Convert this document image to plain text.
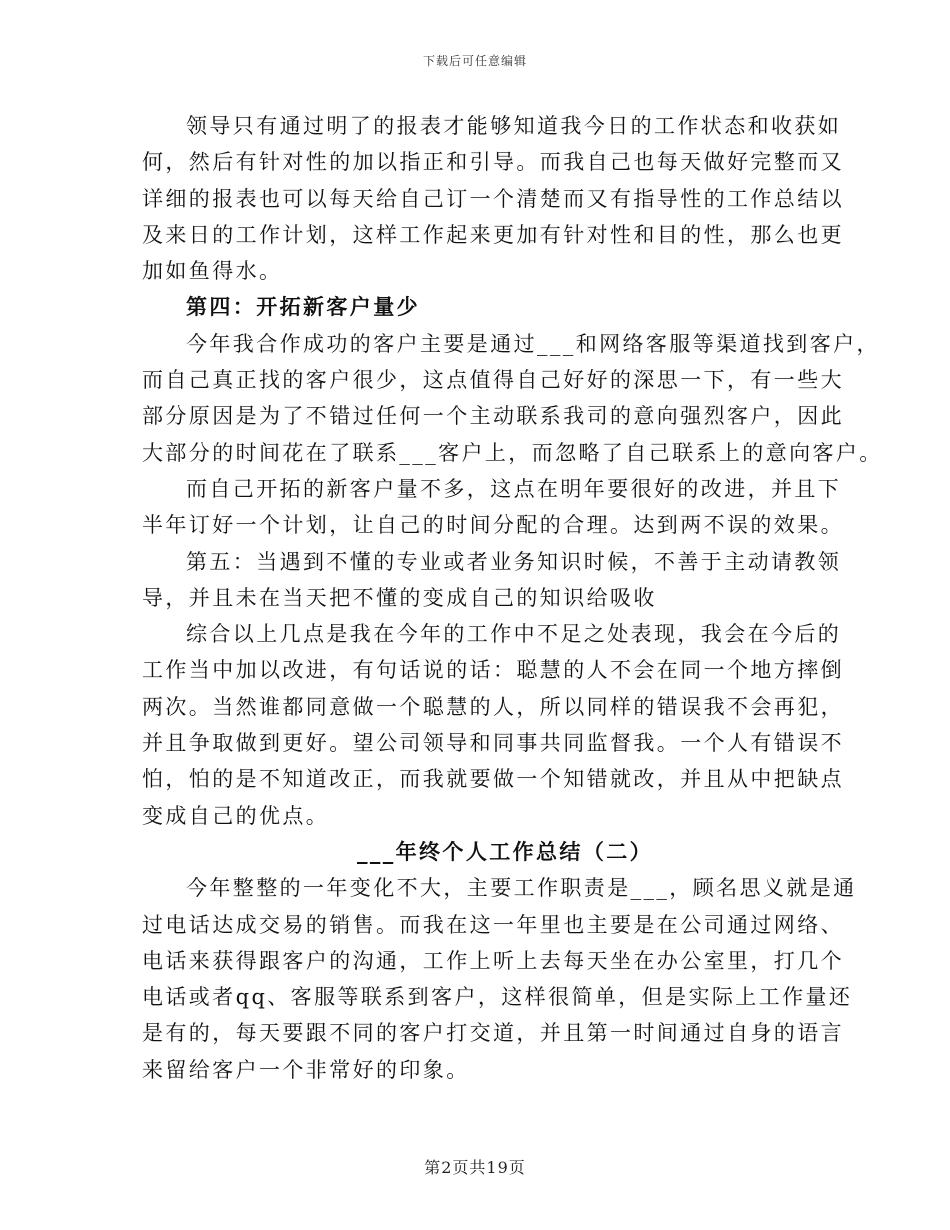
下载后可任意编辑
领导只有通过明了的报表才能够知道我今日的工作状态和收获如
何，然后有针对性的加以指正和引导。而我自己也每天做好完整而又
详细的报表也可以每天给自己订一个清楚而又有指导性的工作总结以
及来日的工作计划，这样工作起来更加有针对性和目的性，那么也更
加如鱼得水。
第四：开拓新客户量少
今年我合作成功的客户主要是通过___和网络客服等渠道找到客户，
而自己真正找的客户很少，这点值得自己好好的深思一下，有一些大
部分原因是为了不错过任何一个主动联系我司的意向强烈客户，因此
大部分的时间花在了联系___客户上，而忽略了自己联系上的意向客户。
而自己开拓的新客户量不多，这点在明年要很好的改进，并且下
半年订好一个计划，让自己的时间分配的合理。达到两不误的效果。
第五：当遇到不懂的专业或者业务知识时候，不善于主动请教领
导，并且未在当天把不懂的变成自己的知识给吸收
综合以上几点是我在今年的工作中不足之处表现，我会在今后的
工作当中加以改进，有句话说的话：聪慧的人不会在同一个地方摔倒
两次。当然谁都同意做一个聪慧的人，所以同样的错误我不会再犯，
并且争取做到更好。望公司领导和同事共同监督我。一个人有错误不
怕，怕的是不知道改正，而我就要做一个知错就改，并且从中把缺点
变成自己的优点。
___年终个人工作总结（二）
今年整整的一年变化不大，主要工作职责是___，顾名思义就是通
过电话达成交易的销售。而我在这一年里也主要是在公司通过网络、
电话来获得跟客户的沟通，工作上听上去每天坐在办公室里，打几个
电话或者qq、客服等联系到客户，这样很简单，但是实际上工作量还
是有的，每天要跟不同的客户打交道，并且第一时间通过自身的语言
来留给客户一个非常好的印象。
第2页共19页
